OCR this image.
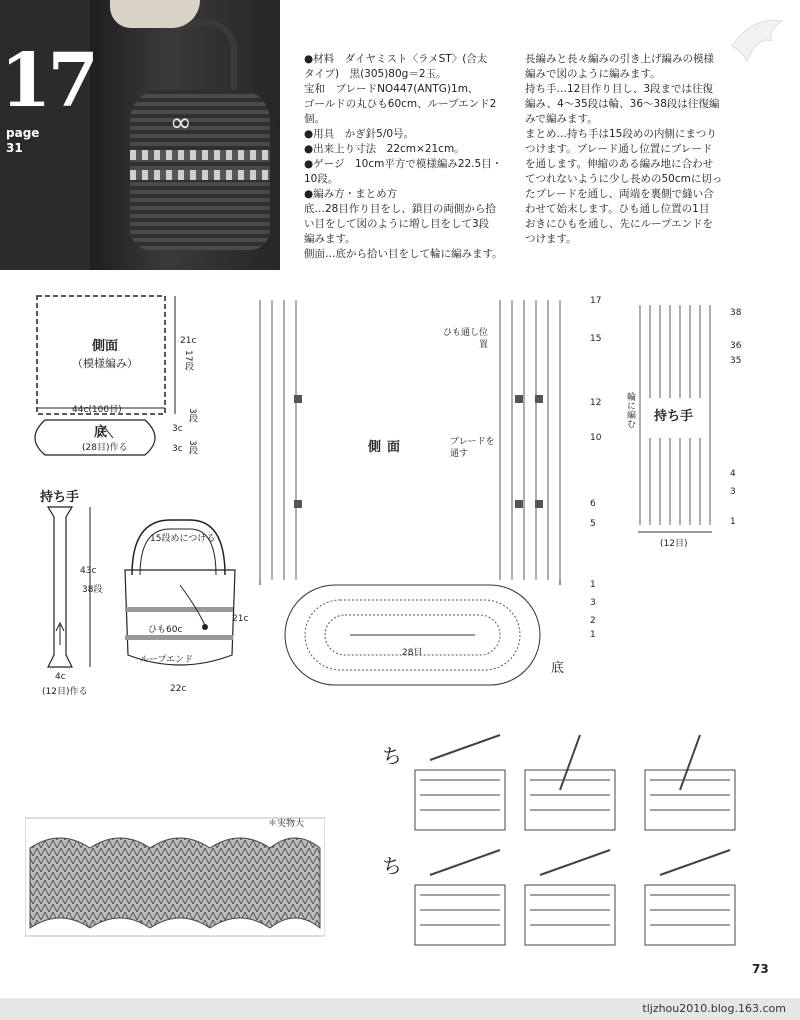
∞
17
page
31

●材料　ダイヤミスト〈ラメST〉(合太

タイプ)　黒(305)80g＝2玉。

宝和　ブレードNO447(ANTG)1m、

ゴールドの丸ひも60cm、ループエンド2個。

●用具　かぎ針5/0号。

●出来上り寸法　22cm×21cm。

●ゲージ　10cm平方で模様編み22.5目・

10段。

●編み方・まとめ方

底…28目作り目をし、鎖目の両側から拾

い目をして図のように増し目をして3段

編みます。

側面…底から拾い目をして輪に編みます。

長編みと長々編みの引き上げ編みの模様

編みで図のように編みます。

持ち手…12目作り目し、3段までは往復

編み、4〜35段は輪、36〜38段は往復編

みで編みます。

まとめ…持ち手は15段めの内側にまつり

つけます。ブレード通し位置にブレード

を通します。伸縮のある編み地に合わせ

てつれないように少し長めの50cmに切っ

たブレードを通し、両端を裏側で縫い合

わせて始末します。ひも通し位置の1目

おきにひもを通し、先にループエンドを

つけます。

側面
（模様編み）
44c(100目)
底
(28目)作る
21c
17段
3c
3段
3c 3段
持ち手
43c
38段
4c
(12目)作る
15段めにつける
ひも60c
ループエンド
21c
22c
側面
ひも通し位置
ブレードを通す
底
28目
17
15
12
10
6
5
1
3
2
1
持ち手
輪に編む
38
36
35
4
3
1
(12目)
＊実物大
ち
ち
73
tljzhou2010.blog.163.com
